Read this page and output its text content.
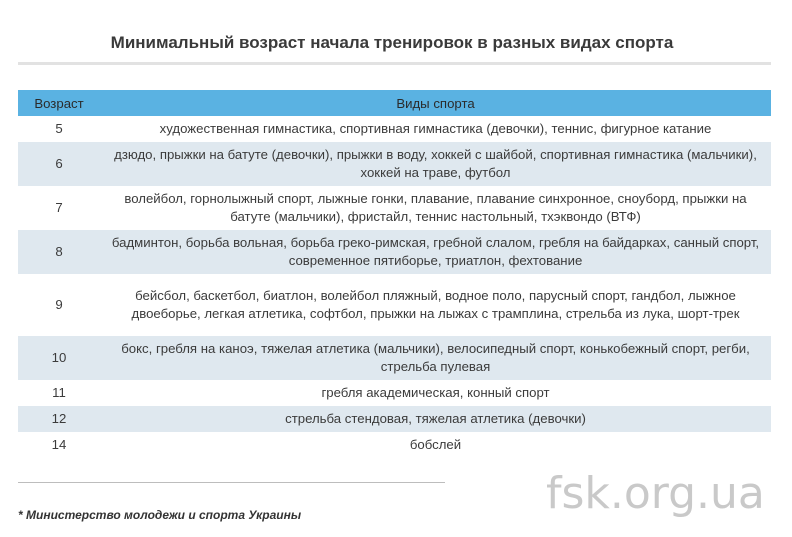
Минимальный возраст начала тренировок в разных видах спорта
Возраст	Виды спорта
5	художественная гимнастика, спортивная гимнастика (девочки), теннис, фигурное катание
6	дзюдо, прыжки на батуте (девочки), прыжки в воду, хоккей с шайбой, спортивная гимнастика (мальчики), хоккей на траве, футбол
7	волейбол, горнолыжный спорт, лыжные гонки, плавание, плавание синхронное, сноуборд, прыжки на батуте (мальчики), фристайл, теннис настольный, тхэквондо (ВТФ)
8	бадминтон, борьба вольная, борьба греко-римская, гребной слалом, гребля на байдарках, санный спорт, современное пятиборье, триатлон, фехтование
9	бейсбол, баскетбол, биатлон, волейбол пляжный, водное поло, парусный спорт, гандбол, лыжное двоеборье, легкая атлетика, софтбол, прыжки на лыжах с трамплина, стрельба из лука, шорт-трек
10	бокс, гребля на каноэ, тяжелая атлетика (мальчики), велосипедный спорт, конькобежный спорт, регби, стрельба пулевая
11	гребля академическая, конный спорт
12	стрельба стендовая, тяжелая атлетика (девочки)
14	бобслей
* Министерство молодежи и спорта Украины	fsk.org.ua
